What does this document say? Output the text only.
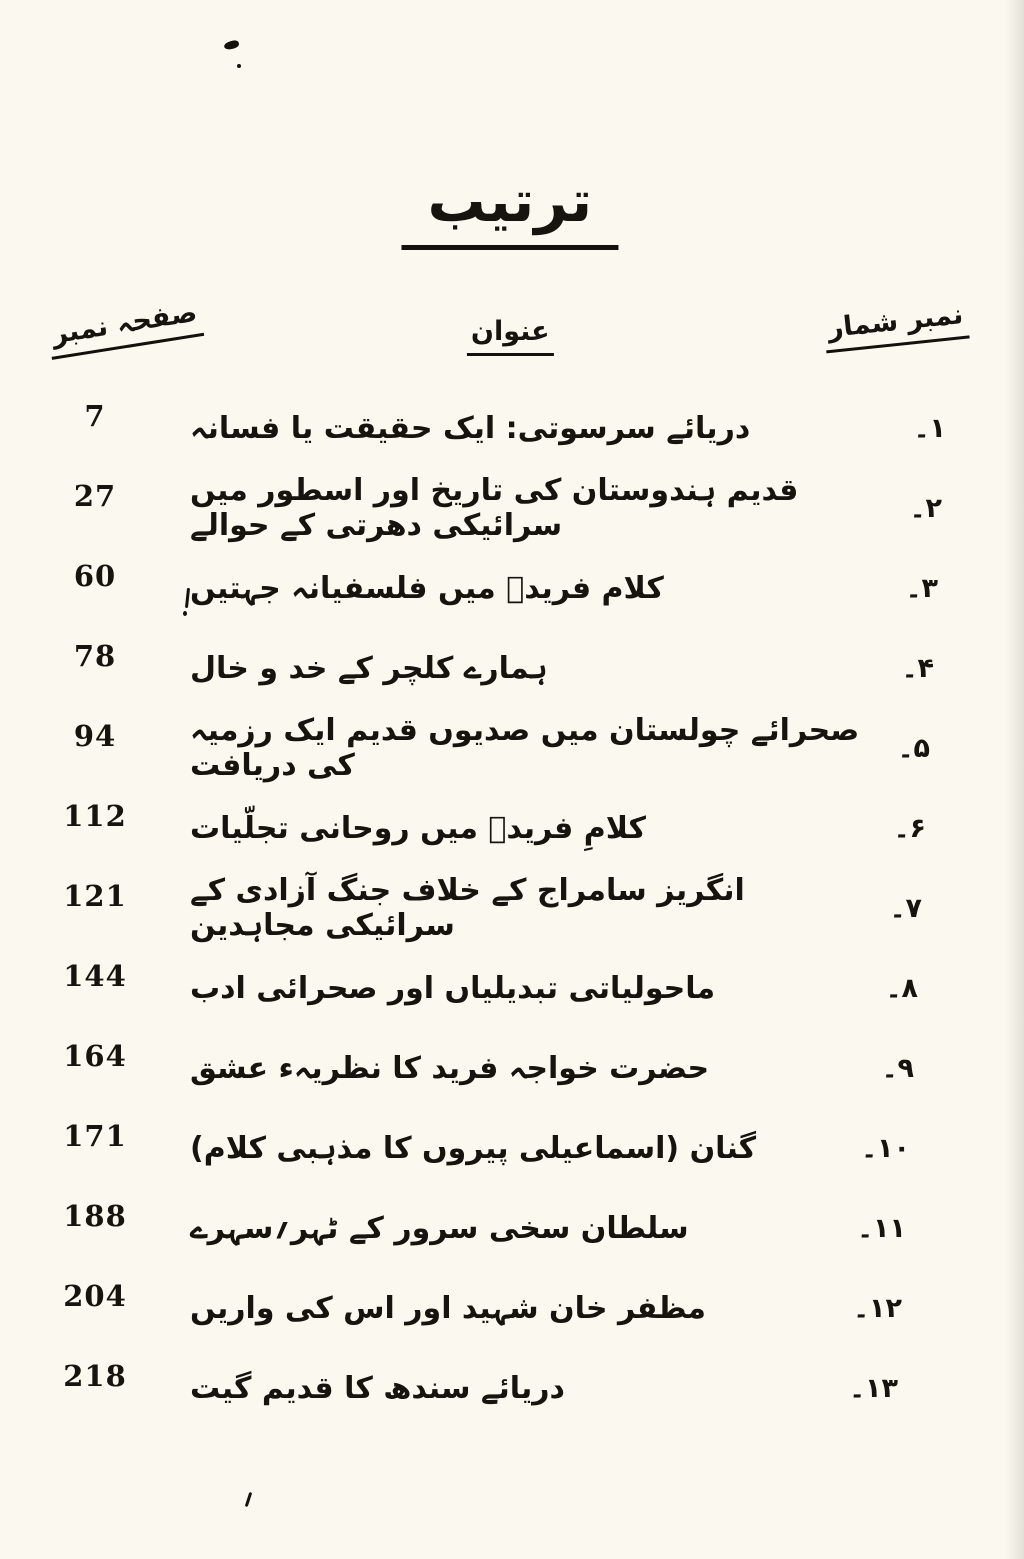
ترتیب
صفحہ نمبر	عنوان	نمبر شمار
7	دریائے سرسوتی: ایک حقیقت یا فسانہ	۱۔
27	قدیم ہندوستان کی تاریخ اور اسطور میں سرائیکی دھرتی کے حوالے	۲۔
60	کلام فریدؒ میں فلسفیانہ جہتیں	۳۔
78	ہمارے کلچر کے خد و خال	۴۔
94	صحرائے چولستان میں صدیوں قدیم ایک رزمیہ کی دریافت	۵۔
112	کلامِ فریدؒ میں روحانی تجلّیات	۶۔
121	انگریز سامراج کے خلاف جنگ آزادی کے سرائیکی مجاہدین	۷۔
144	ماحولیاتی تبدیلیاں اور صحرائی ادب	۸۔
164	حضرت خواجہ فرید کا نظریہء عشق	۹۔
171	گنان (اسماعیلی پیروں کا مذہبی کلام)	۱۰۔
188	سلطان سخی سرور کے ٹہر؍سہرے	۱۱۔
204	مظفر خان شہید اور اس کی واریں	۱۲۔
218	دریائے سندھ کا قدیم گیت	۱۳۔
